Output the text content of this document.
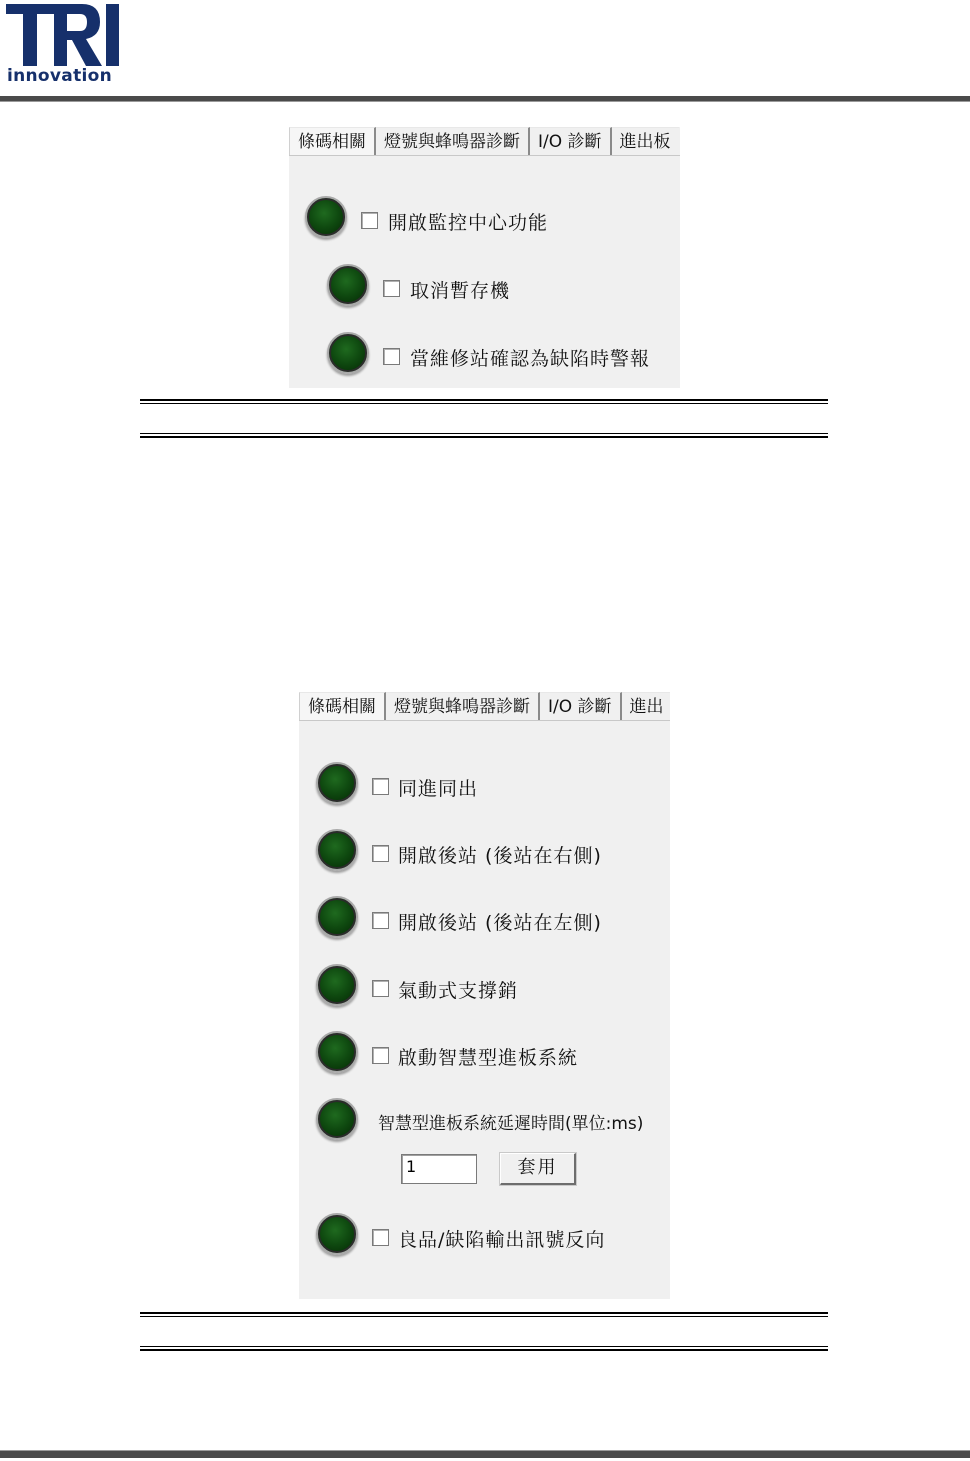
innovation
條碼相關	燈號與蜂鳴器診斷	I/O 診斷	進出板
開啟監控中心功能
取消暫存機
當維修站確認為缺陷時警報
條碼相關	燈號與蜂鳴器診斷	I/O 診斷	進出
同進同出
開啟後站 (後站在右側)
開啟後站 (後站在左側)
氣動式支撐銷
啟動智慧型進板系統
智慧型進板系統延遲時間(單位:ms)
1	套用
良品/缺陷輸出訊號反向
